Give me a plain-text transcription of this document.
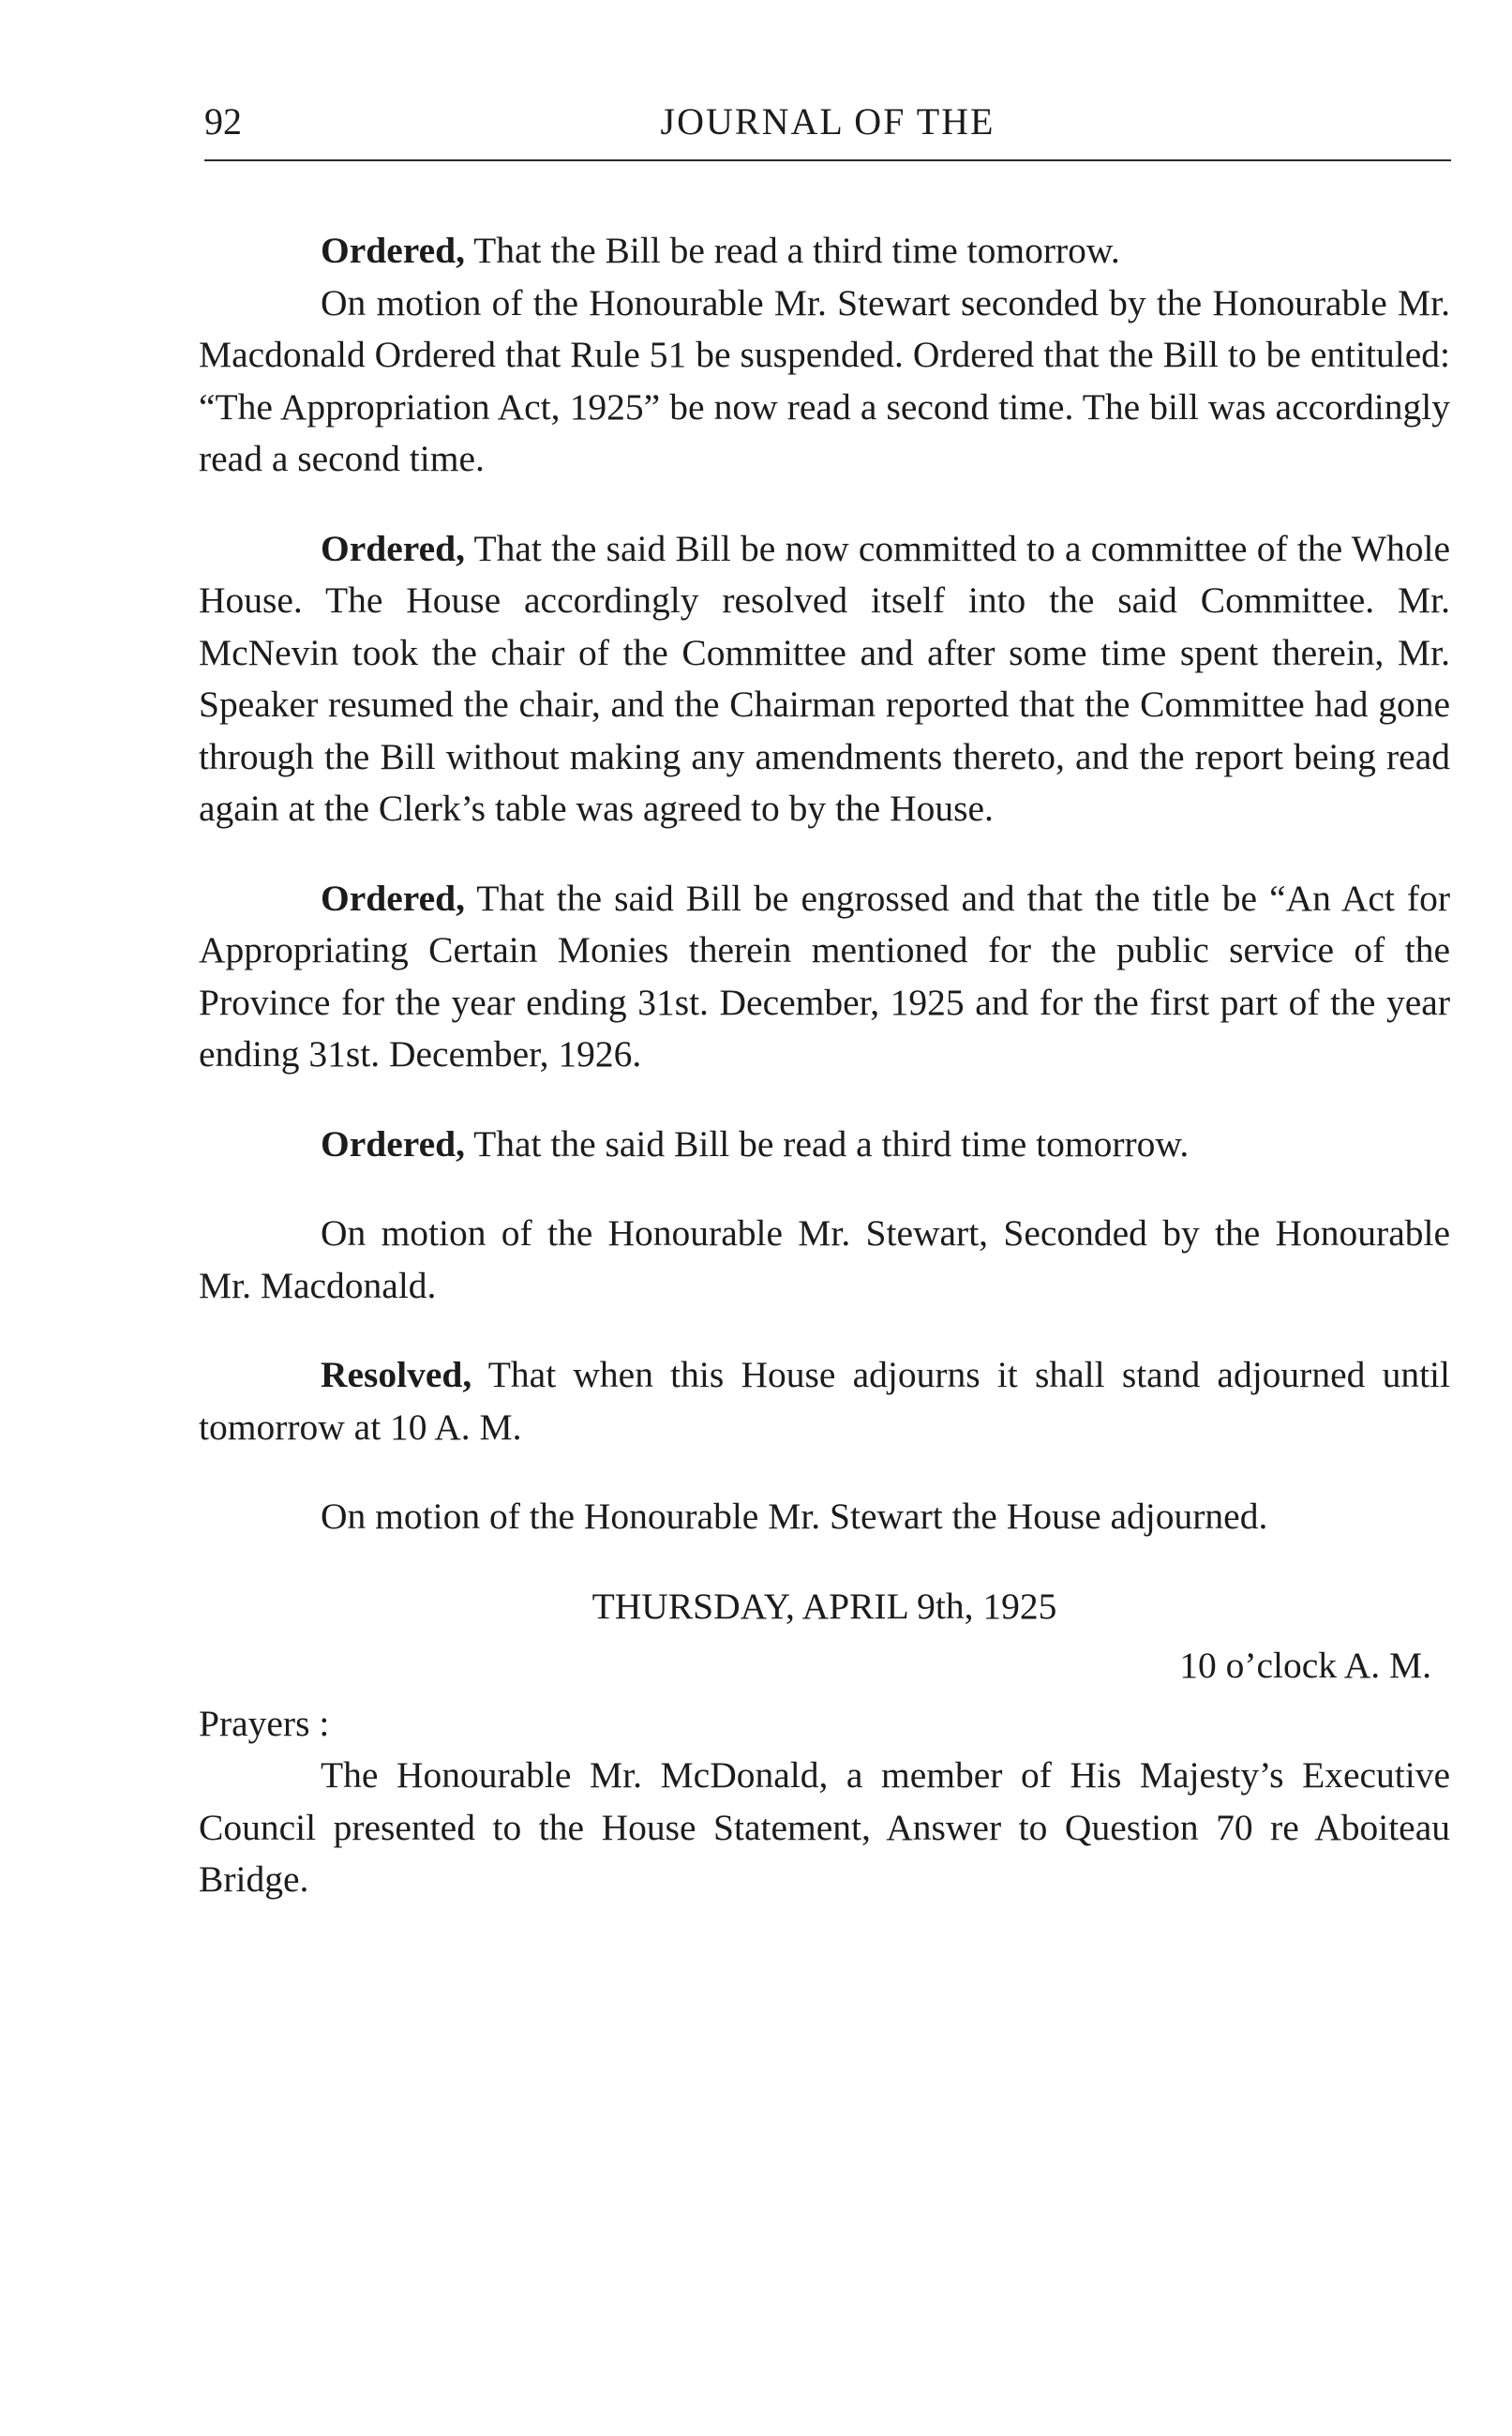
92	JOURNAL OF THE

Ordered, That the Bill be read a third time tomorrow.

On motion of the Honourable Mr. Stewart seconded by the Honourable Mr. Macdonald Ordered that Rule 51 be suspended. Ordered that the Bill to be entituled: “The Appropriation Act, 1925” be now read a second time. The bill was accordingly read a second time.

Ordered, That the said Bill be now committed to a committee of the Whole House. The House accordingly resolved itself into the said Committee. Mr. McNevin took the chair of the Committee and after some time spent therein, Mr. Speaker resumed the chair, and the Chairman reported that the Committee had gone through the Bill without making any amendments thereto, and the report being read again at the Clerk’s table was agreed to by the House.

Ordered, That the said Bill be engrossed and that the title be “An Act for Appropriating Certain Monies therein mentioned for the public service of the Province for the year ending 31st. December, 1925 and for the first part of the year ending 31st. December, 1926.

Ordered, That the said Bill be read a third time tomorrow.

On motion of the Honourable Mr. Stewart, Seconded by the Honourable Mr. Macdonald.

Resolved, That when this House adjourns it shall stand adjourned until tomorrow at 10 A. M.

On motion of the Honourable Mr. Stewart the House adjourned.

THURSDAY, APRIL 9th, 1925

10 o’clock A. M.

Prayers :

The Honourable Mr. McDonald, a member of His Majesty’s Executive Council presented to the House Statement, Answer to Question 70 re Aboiteau Bridge.
